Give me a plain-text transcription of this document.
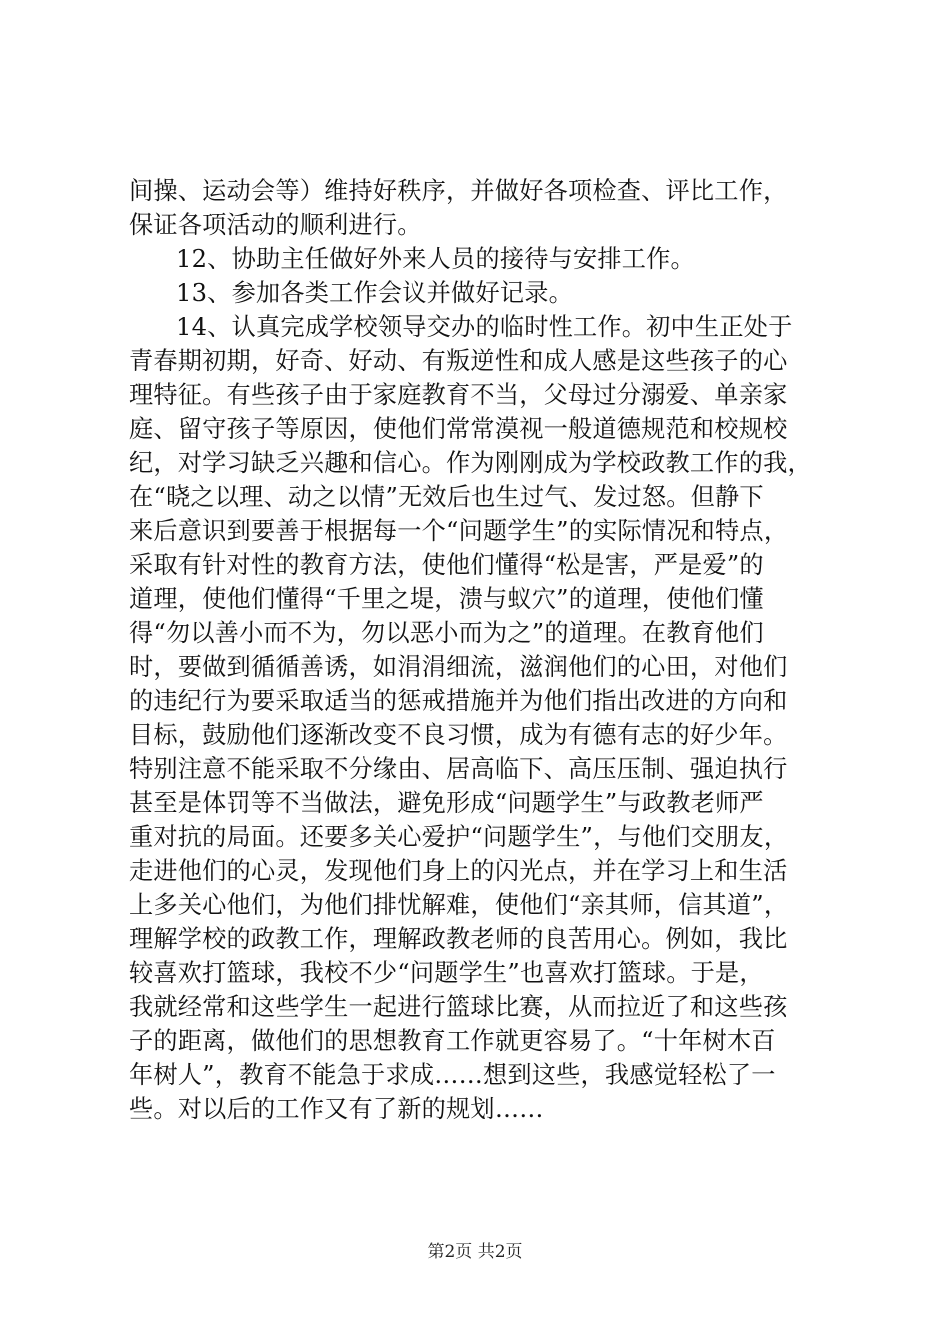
间操、运动会等）维持好秩序，并做好各项检查、评比工作，
保证各项活动的顺利进行。
12、协助主任做好外来人员的接待与安排工作。
13、参加各类工作会议并做好记录。
14、认真完成学校领导交办的临时性工作。初中生正处于
青春期初期，好奇、好动、有叛逆性和成人感是这些孩子的心
理特征。有些孩子由于家庭教育不当，父母过分溺爱、单亲家
庭、留守孩子等原因，使他们常常漠视一般道德规范和校规校
纪，对学习缺乏兴趣和信心。作为刚刚成为学校政教工作的我，
在“晓之以理、动之以情”无效后也生过气、发过怒。但静下
来后意识到要善于根据每一个“问题学生”的实际情况和特点，
采取有针对性的教育方法，使他们懂得“松是害，严是爱”的
道理，使他们懂得“千里之堤，溃与蚁穴”的道理，使他们懂
得“勿以善小而不为，勿以恶小而为之”的道理。在教育他们
时，要做到循循善诱，如涓涓细流，滋润他们的心田，对他们
的违纪行为要采取适当的惩戒措施并为他们指出改进的方向和
目标，鼓励他们逐渐改变不良习惯，成为有德有志的好少年。
特别注意不能采取不分缘由、居高临下、高压压制、强迫执行
甚至是体罚等不当做法，避免形成“问题学生”与政教老师严
重对抗的局面。还要多关心爱护“问题学生”，与他们交朋友，
走进他们的心灵，发现他们身上的闪光点，并在学习上和生活
上多关心他们，为他们排忧解难，使他们“亲其师，信其道”，
理解学校的政教工作，理解政教老师的良苦用心。例如，我比
较喜欢打篮球，我校不少“问题学生”也喜欢打篮球。于是，
我就经常和这些学生一起进行篮球比赛，从而拉近了和这些孩
子的距离，做他们的思想教育工作就更容易了。“十年树木百
年树人”，教育不能急于求成……想到这些，我感觉轻松了一
些。对以后的工作又有了新的规划……
第2页 共2页
